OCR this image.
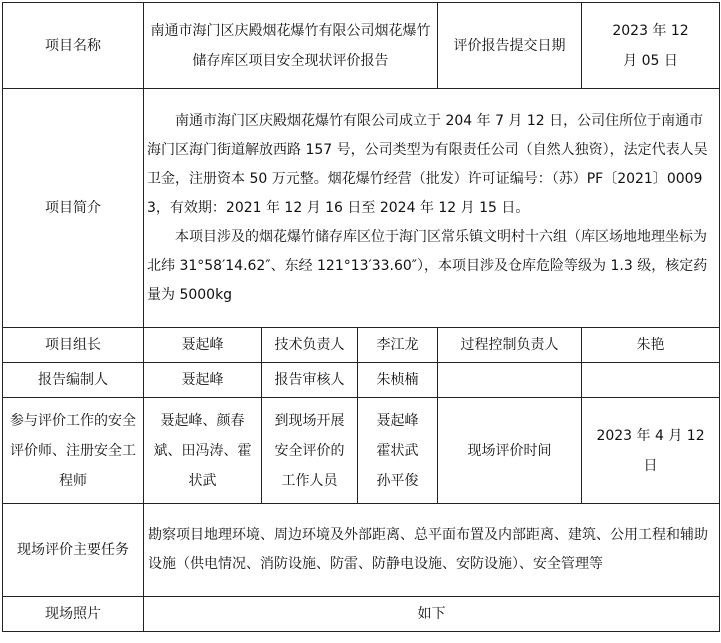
项目名称	南通市海门区庆殿烟花爆竹有限公司烟花爆竹储存库区项目安全现状评价报告			评价报告提交日期	2023 年 12 月 05 日
项目简介	南通市海门区庆殿烟花爆竹有限公司成立于 204 年 7 月 12 日，公司住所位于南通市海门区海门街道解放西路 157 号，公司类型为有限责任公司（自然人独资），法定代表人吴卫金，注册资本 50 万元整。烟花爆竹经营（批发）许可证编号：（苏）PF〔2021〕00093，有效期：2021 年 12 月 16 日至 2024 年 12 月 15 日。

本项目涉及的烟花爆竹储存库区位于海门区常乐镇文明村十六组（库区场地地理坐标为北纬 31°58′14.62″、东经 121°13′33.60″），本项目涉及仓库危险等级为 1.3 级，核定药量为 5000kg				

项目组长	聂起峰	技术负责人	李江龙	过程控制负责人	朱艳
报告编制人	聂起峰	报告审核人	朱桢楠		
参与评价工作的安全评价师、注册安全工程师	聂起峰、颜春斌、田冯涛、霍状武	到现场开展安全评价的工作人员	聂起峰 霍状武 孙平俊	现场评价时间	2023 年 4 月 12 日
现场评价主要任务	勘察项目地理环境、周边环境及外部距离、总平面布置及内部距离、建筑、公用工程和辅助设施（供电情况、消防设施、防雷、防静电设施、安防设施）、安全管理等				
现场照片	如下				
